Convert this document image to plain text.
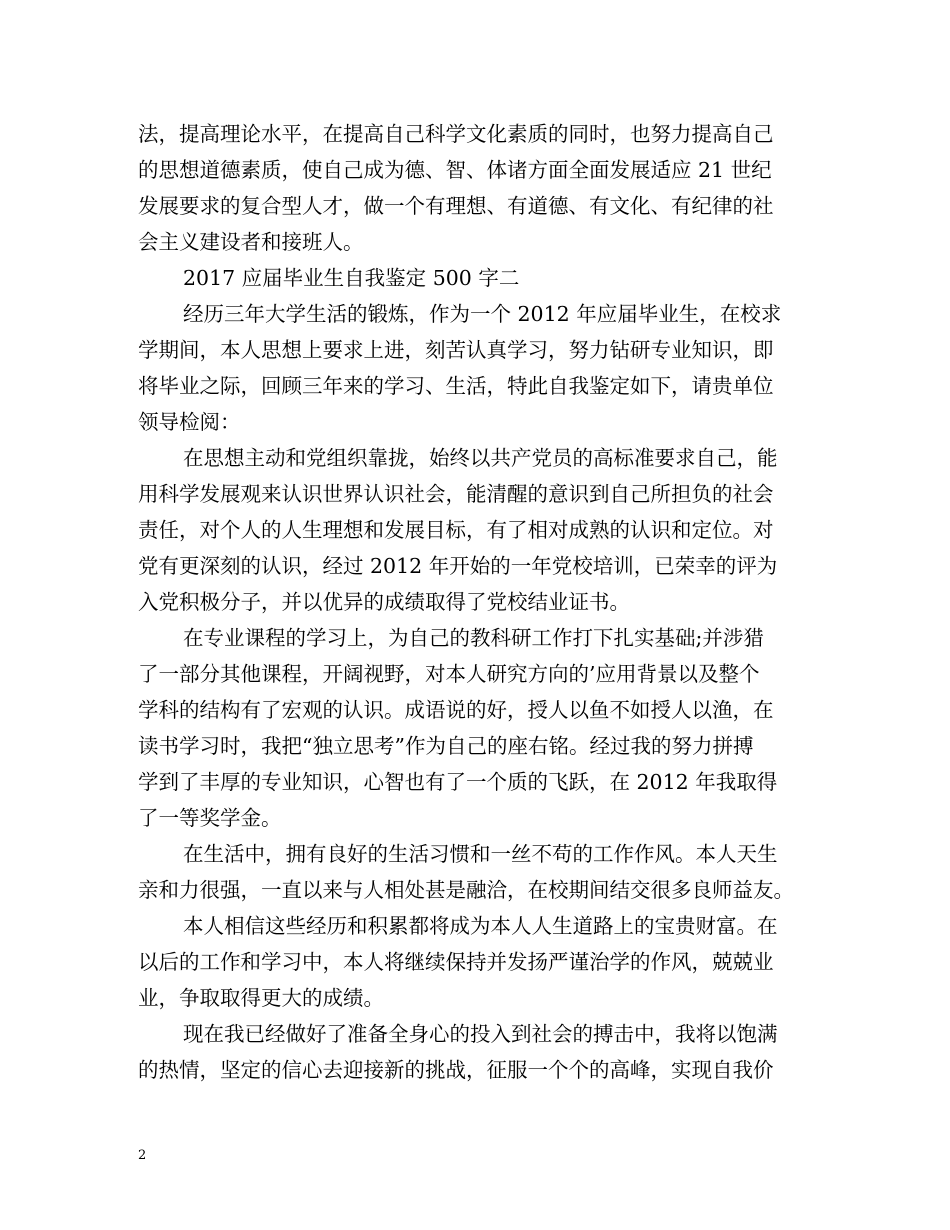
法，提高理论水平，在提高自己科学文化素质的同时，也努力提高自己
的思想道德素质，使自己成为德、智、体诸方面全面发展适应 21 世纪
发展要求的复合型人才，做一个有理想、有道德、有文化、有纪律的社
会主义建设者和接班人。
2017 应届毕业生自我鉴定 500 字二
经历三年大学生活的锻炼，作为一个 2012 年应届毕业生，在校求
学期间，本人思想上要求上进，刻苦认真学习，努力钻研专业知识，即
将毕业之际，回顾三年来的学习、生活，特此自我鉴定如下，请贵单位
领导检阅：
在思想主动和党组织靠拢，始终以共产党员的高标准要求自己，能
用科学发展观来认识世界认识社会，能清醒的意识到自己所担负的社会
责任，对个人的人生理想和发展目标，有了相对成熟的认识和定位。对
党有更深刻的认识，经过 2012 年开始的一年党校培训，已荣幸的评为
入党积极分子，并以优异的成绩取得了党校结业证书。
在专业课程的学习上，为自己的教科研工作打下扎实基础;并涉猎
了一部分其他课程，开阔视野，对本人研究方向的’应用背景以及整个
学科的结构有了宏观的认识。成语说的好，授人以鱼不如授人以渔，在
读书学习时，我把“独立思考”作为自己的座右铭。经过我的努力拼搏
学到了丰厚的专业知识，心智也有了一个质的飞跃，在 2012 年我取得
了一等奖学金。
在生活中，拥有良好的生活习惯和一丝不苟的工作作风。本人天生
亲和力很强，一直以来与人相处甚是融洽，在校期间结交很多良师益友。
本人相信这些经历和积累都将成为本人人生道路上的宝贵财富。在
以后的工作和学习中，本人将继续保持并发扬严谨治学的作风，兢兢业
业，争取取得更大的成绩。
现在我已经做好了准备全身心的投入到社会的搏击中，我将以饱满
的热情，坚定的信心去迎接新的挑战，征服一个个的高峰，实现自我价
2
